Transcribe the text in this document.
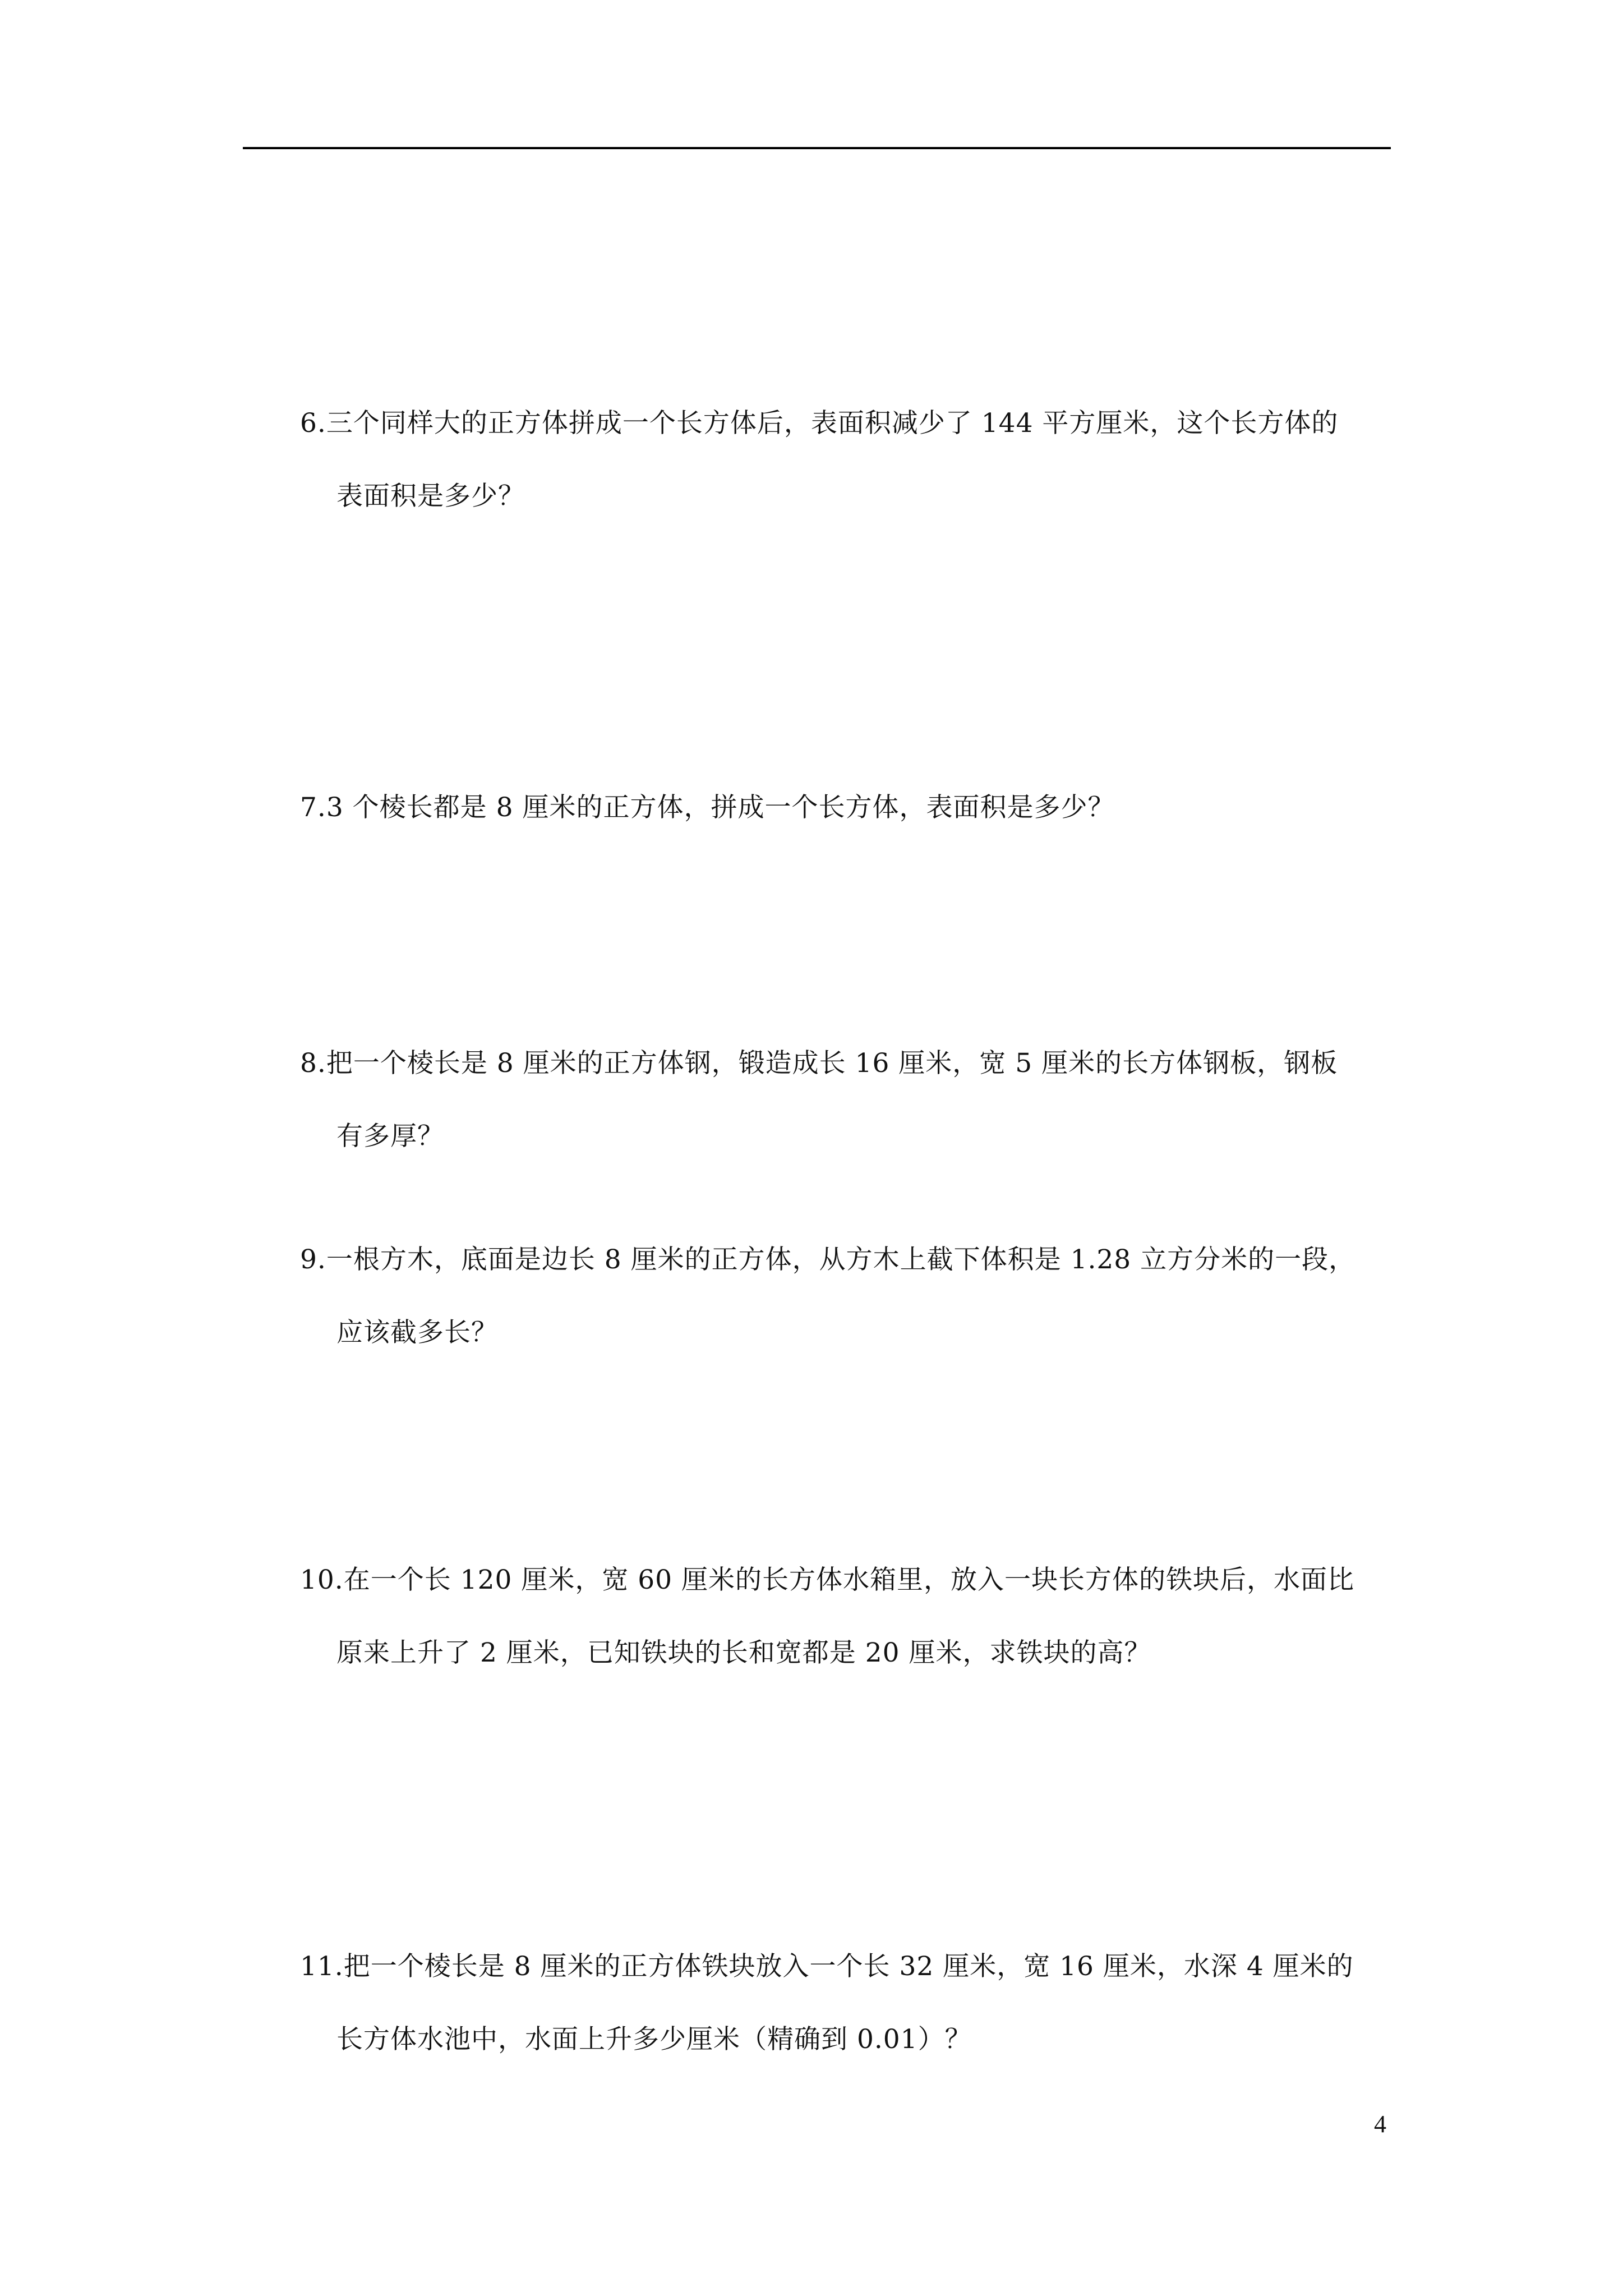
6.三个同样大的正方体拼成一个长方体后，表面积减少了 144 平方厘米，这个长方体的
表面积是多少？
7.3 个棱长都是 8 厘米的正方体，拼成一个长方体，表面积是多少？
8.把一个棱长是 8 厘米的正方体钢，锻造成长 16 厘米，宽 5 厘米的长方体钢板，钢板
有多厚？
9.一根方木，底面是边长 8 厘米的正方体，从方木上截下体积是 1.28 立方分米的一段，
应该截多长？
10.在一个长 120 厘米，宽 60 厘米的长方体水箱里，放入一块长方体的铁块后，水面比
原来上升了 2 厘米，已知铁块的长和宽都是 20 厘米，求铁块的高？
11.把一个棱长是 8 厘米的正方体铁块放入一个长 32 厘米，宽 16 厘米，水深 4 厘米的
长方体水池中，水面上升多少厘米（精确到 0.01）？
4
